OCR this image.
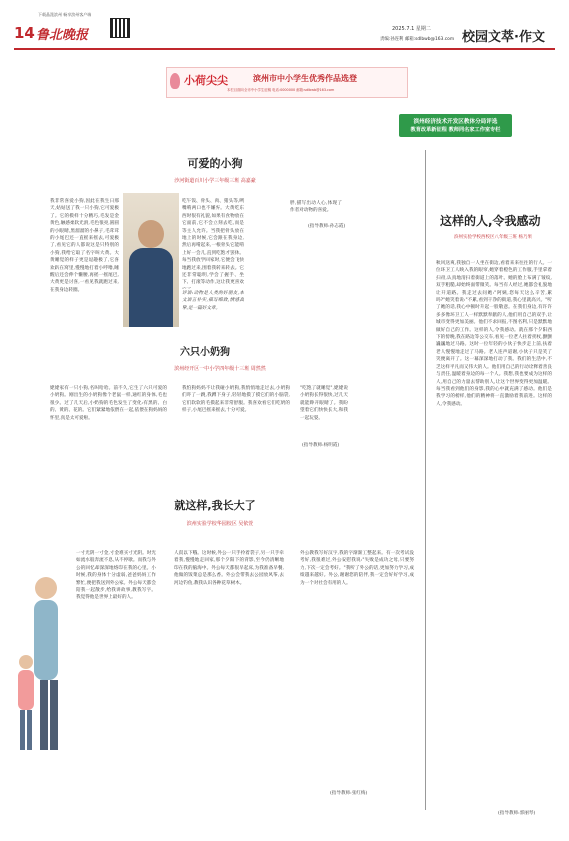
14 鲁北晚报
下载晶派滨州 畅享滨州客户端
2025.7.1 星期二
责编:孙连利 邮箱:sdlbwb@163.com 校园文萃·作文
小荷尖尖	滨州市中小学生优秀作品选登
本栏目面向全市中小学生征稿 电话:0000000 邮箱:sdlbwb@163.com
滨州经济技术开发区教体分局评选
教育改革新征程 教师同名家工作室专栏
可爱的小狗
沙河街道百川小学三年级三班 高嘉豪
我非常喜爱小狗,因此在我生日那天,姑姑送了我一只小狗,它可爱极了。它的模样十分精巧,毛发是金黄色,触感柔软光滑,毛色很亮,圆圆的小眼睛,黑溜溜的小鼻子,毛茸茸的小尾巴还一直摇来摇去,可爱极了,看见它的人都说这是只特别的小狗,我给它取了名字叫大黄。大黄睡觉的样子更是逗趣极了,它喜欢趴在窝里,慢慢地打着小呼噜,睡醒后还会伸个懒腰,再摇一摇尾巴,大黄更是讨喜,一看见我就跑过来,在我身边转圈。
吃午饭、骨头、肉、猪头等,咧嘴啃两口也不嫌弃。大黄吃东西时很有礼貌,如果有食物放在它面前,它不会立刻去吃,而是等主人允许。当我把骨头放在地上的时候,它会跟在我身边,然后再啃起来,一根骨头它能啃上好一会儿,直到吃饱才罢休。每当我放学回家时,它便会飞快地跑过来,围着我转来转去。它还非常聪明,学会了握手、坐下、打滚等动作,这让我更喜欢
评语:动物是人类的好朋友,本文语言朴实,描写细致,情感真挚,是一篇好文章。
胖,描写出动人心,体现了作者对动物的喜爱。
(指导教师:孙志霞)
六只小奶狗
滨州经开区一中小学四年级十三班 周然然
姥姥家有一只小狗,名叫哈哈。前不久,它生了六只可爱的小奶狗。刚出生的小奶狗像个老鼠一样,通红的身体,毛也很少。过了几天后,小奶狗的毛色发生了变化:有黑的、白的、黄的、花的。它们紧紧地依偎在一起,依偎在狗妈妈的怀里,真是太可爱啦。
我怕狗妈妈不让我碰小奶狗,我悄悄地走过去,小奶狗们吓了一跳,我蹲下身子,轻轻地摸了摸它们的小脑袋,它们软软的毛摸起来非常舒服。我喜欢看它们吃奶的样子,小尾巴摇来摇去,十分可爱。
"吃饱了就睡觉",姥姥说小奶狗长得很快,过几天就能睁开眼睛了。我盼望着它们快快长大,和我一起玩耍。
(指导教师:杨明霞)
就这样,我长大了
滨州实验学校华园校区 吴依萱
一寸光阴一寸金,寸金难买寸光阴。时光如流水般奔流不息,从不停歇。而我与外公的回忆却深深地烙印在我的心里。小时候,我的身体十分虚弱,爸爸妈妈工作繁忙,便把我送到外公家。外公每天都会陪我一起散步,给我讲故事,教我写字。我觉得他是世界上最好的人。
人叔以下哦。这时候,外公一只手拎着袋子,另一只手牵着我,慢慢地走回家,那个夕阳下的背影,至今仍清晰地印在我的脑海中。外公每天都很早起床,为我准备早餐,他做的饭菜总是那么香。外公会带我去公园放风筝,去河边钓鱼,教我认识各种花草树木。
外公教我写好汉字,我的字渐渐工整起来。有一次考试没考好,我很难过,外公安慰我说:"失败是成功之母,只要努力,下次一定会考好。"我听了外公的话,更加努力学习,成绩越来越好。外公,谢谢您的陪伴,我一定会好好学习,成为一个对社会有用的人。
(指导教师:张红梅)
这样的人,令我感动
滨州实验学校西校区八年级三班 杨乃果
秋风送爽,我独自一人坐在街边,看着来来往往的行人。一位环卫工人映入我的眼帘,她穿着橙色的工作服,手里拿着扫帚,认真地清扫着街道上的落叶。她的脸上布满了皱纹,双手粗糙,却始终面带微笑。每当有人经过,她都会礼貌地让开道路。我走过去问她:"阿姨,您每天这么辛苦,累吗?"她笑着说:"不累,看到干净的街道,我心里就高兴。"听了她的话,我心中顿时升起一股敬意。在我们身边,有许许多多像环卫工人一样默默奉献的人,他们用自己的双手,让城市变得更加美丽。他们不求回报,不图名利,只是默默地做好自己的工作。这样的人,令我感动。就在那个夕阳西下的傍晚,我在路边等公交车,看见一位老人拄着拐杖,颤颤巍巍地过马路。这时一位年轻的小伙子快步走上前,扶着老人慢慢地走过了马路。老人连声道谢,小伙子只是笑了笑便离开了。这一幕深深地打动了我。我们的生活中,不乏这样平凡而又伟大的人。他们用自己的行动诠释着善良与责任,温暖着身边的每一个人。我想,我也要成为这样的人,用自己的力量去帮助别人,让这个世界变得更加温暖。每当我看到他们的身影,我的心中就充满了感动。他们是我学习的榜样,他们的精神将一直激励着我前进。这样的人,令我感动。
(指导教师:郭丽琴)
